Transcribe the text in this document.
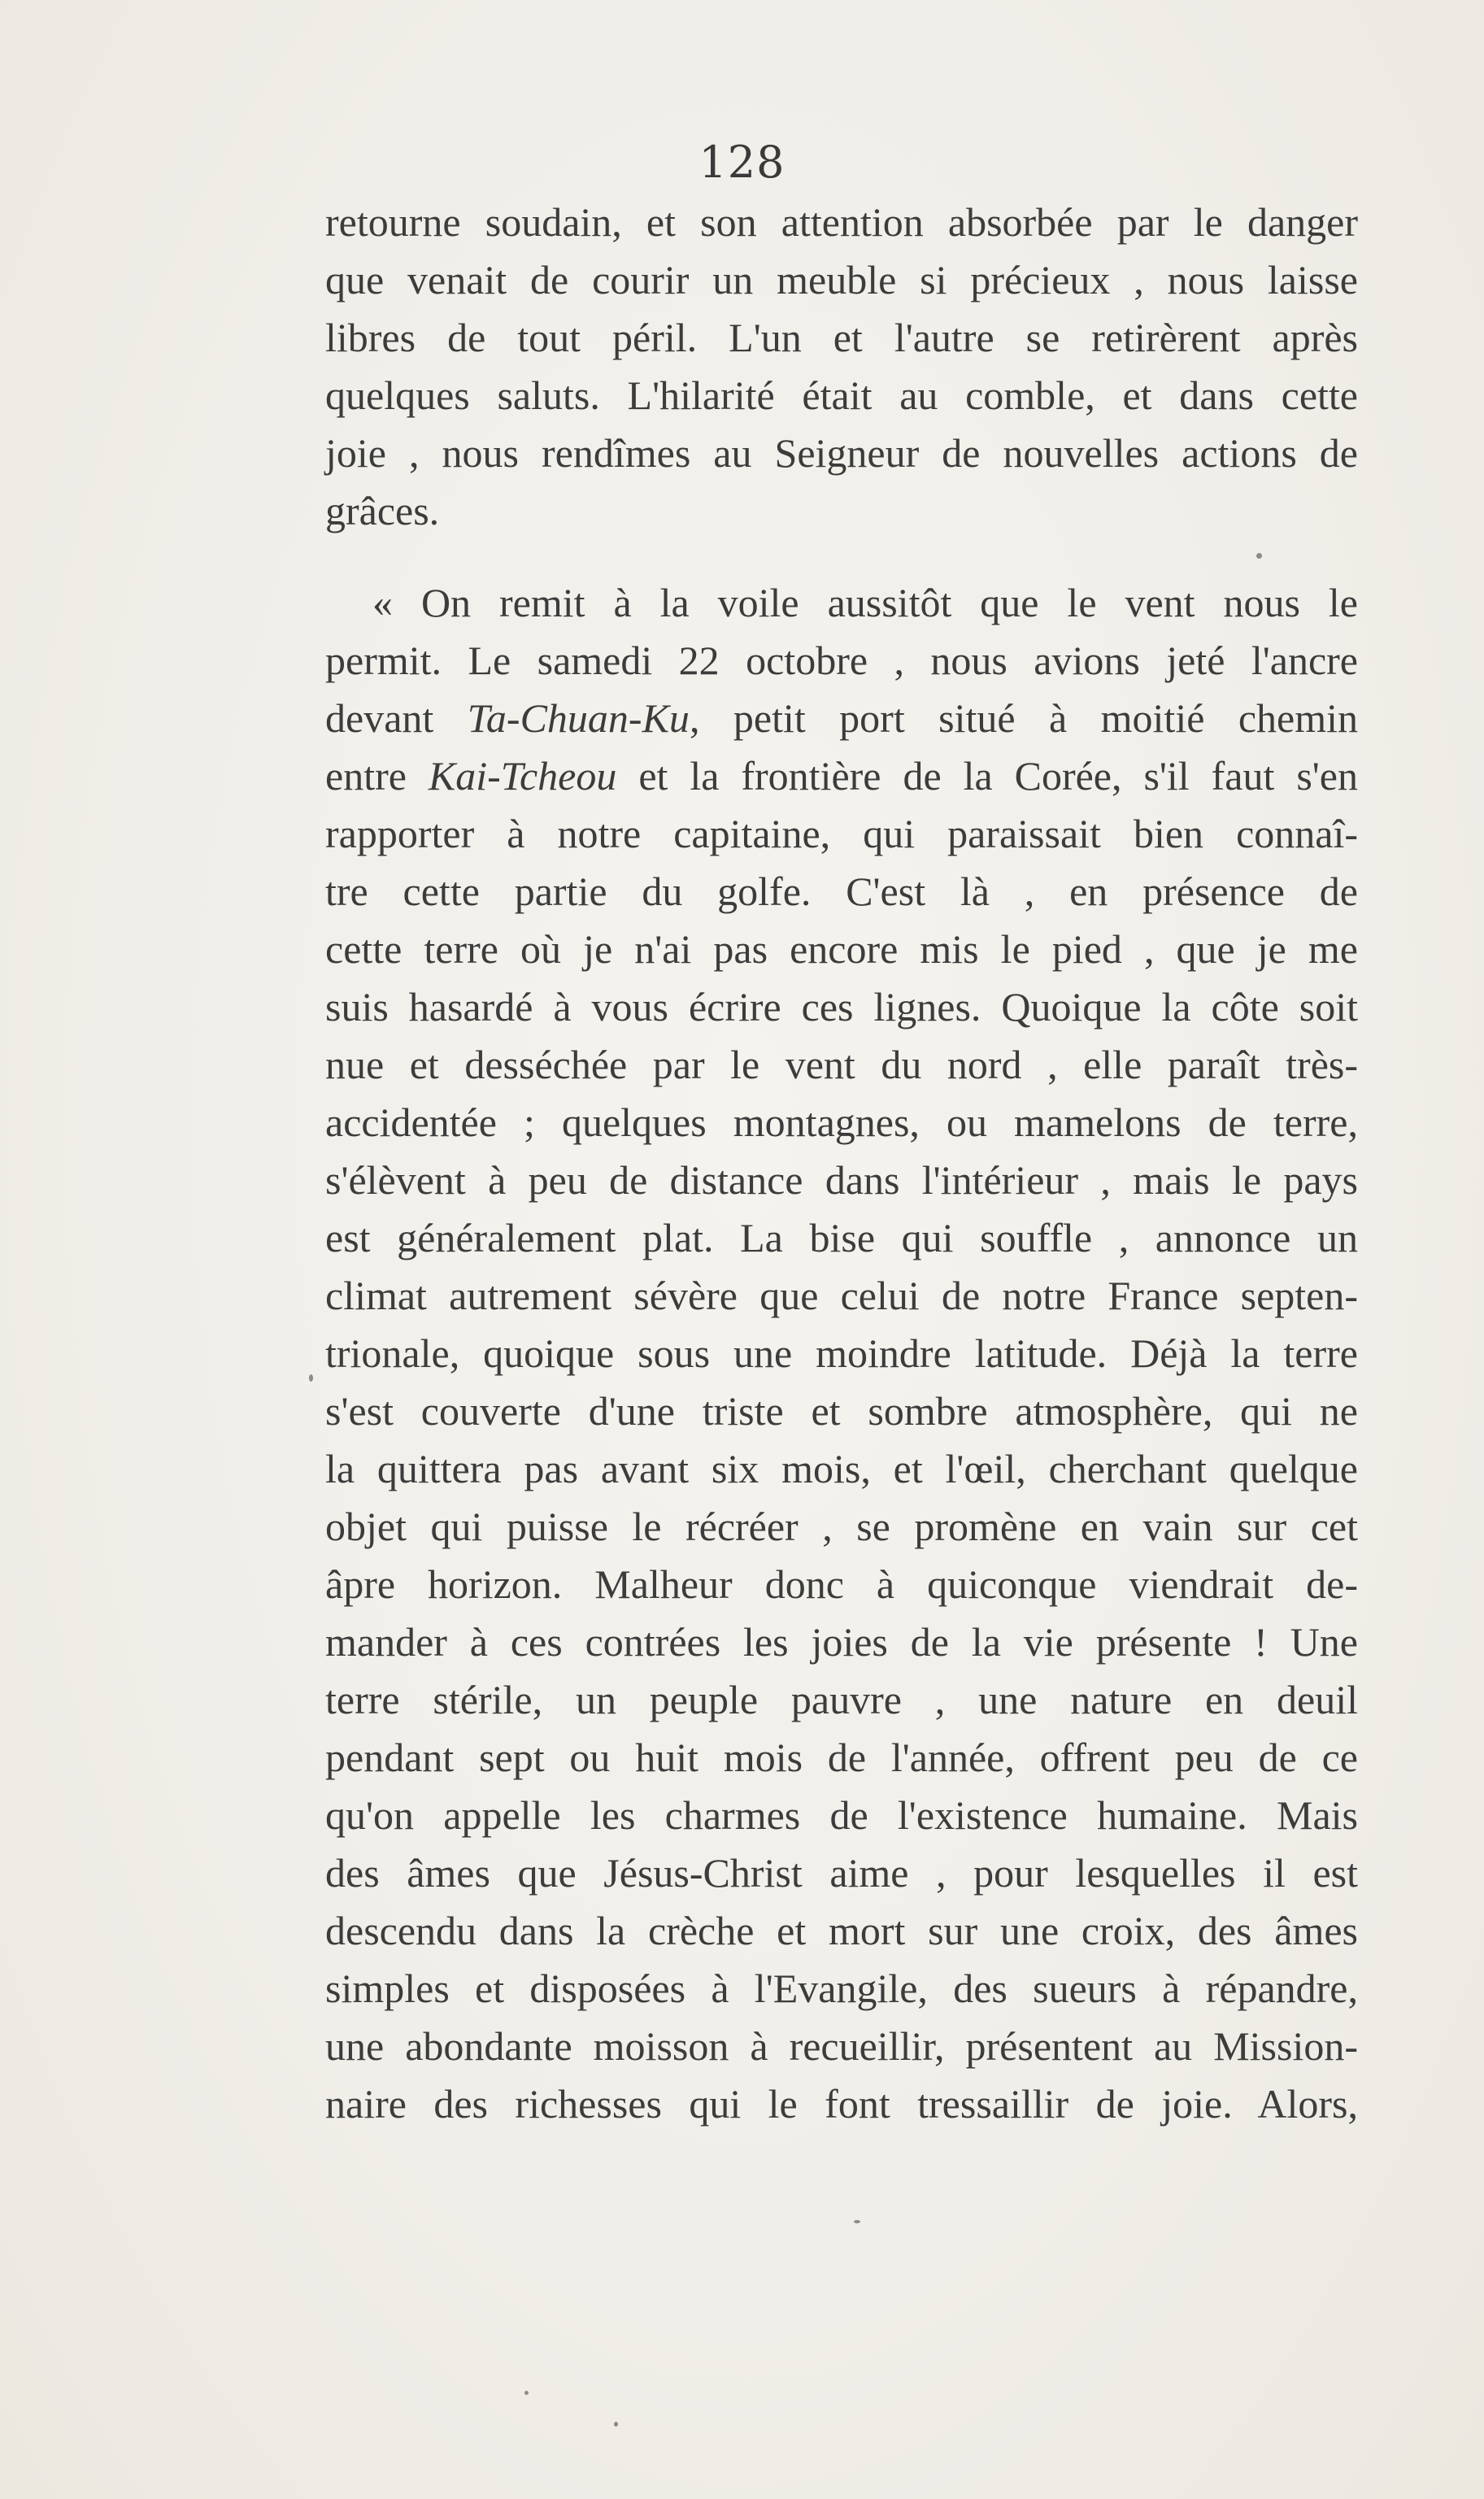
128
retourne soudain, et son attention absorbée par le danger
que venait de courir un meuble si précieux , nous laisse
libres de tout péril. L'un et l'autre se retirèrent après
quelques saluts. L'hilarité était au comble, et dans cette
joie , nous rendîmes au Seigneur de nouvelles actions de
grâces.
« On remit à la voile aussitôt que le vent nous le
permit. Le samedi 22 octobre , nous avions jeté l'ancre
devant Ta-Chuan-Ku, petit port situé à moitié chemin
entre Kai-Tcheou et la frontière de la Corée, s'il faut s'en
rapporter à notre capitaine, qui paraissait bien connaî-
tre cette partie du golfe. C'est là , en présence de
cette terre où je n'ai pas encore mis le pied , que je me
suis hasardé à vous écrire ces lignes. Quoique la côte soit
nue et desséchée par le vent du nord , elle paraît très-
accidentée ; quelques montagnes, ou mamelons de terre,
s'élèvent à peu de distance dans l'intérieur , mais le pays
est généralement plat. La bise qui souffle , annonce un
climat autrement sévère que celui de notre France septen-
trionale, quoique sous une moindre latitude. Déjà la terre
s'est couverte d'une triste et sombre atmosphère, qui ne
la quittera pas avant six mois, et l'œil, cherchant quelque
objet qui puisse le récréer , se promène en vain sur cet
âpre horizon. Malheur donc à quiconque viendrait de-
mander à ces contrées les joies de la vie présente ! Une
terre stérile, un peuple pauvre , une nature en deuil
pendant sept ou huit mois de l'année, offrent peu de ce
qu'on appelle les charmes de l'existence humaine. Mais
des âmes que Jésus-Christ aime , pour lesquelles il est
descendu dans la crèche et mort sur une croix, des âmes
simples et disposées à l'Evangile, des sueurs à répandre,
une abondante moisson à recueillir, présentent au Mission-
naire des richesses qui le font tressaillir de joie. Alors,
